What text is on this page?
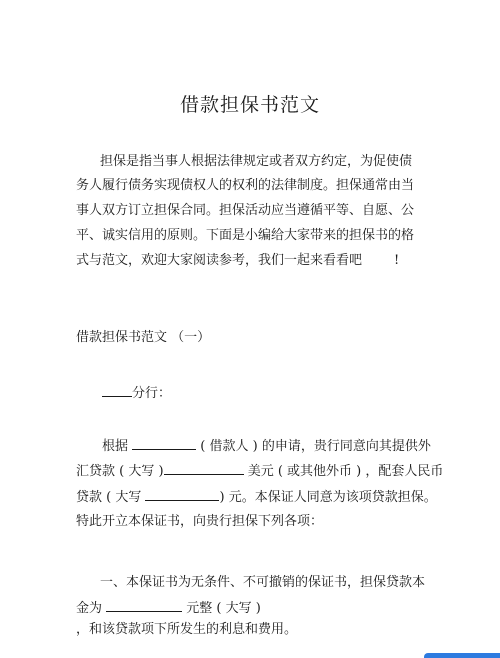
借款担保书范文
担保是指当事人根据法律规定或者双方约定，为促使债
务人履行债务实现债权人的权利的法律制度。担保通常由当
事人双方订立担保合同。担保活动应当遵循平等、自愿、公
平、诚实信用的原则。下面是小编给大家带来的担保书的格
式与范文，欢迎大家阅读参考，我们一起来看看吧 !
借款担保书范文 （一）
分行：
根据	( 借款人 ) 的申请，贵行同意向其提供外
汇贷款 ( 大写 )	美元 ( 或其他外币 ) ，配套人民币
贷款 ( 大写	) 元。本保证人同意为该项贷款担保。
特此开立本保证书，向贵行担保下列各项：
一、本保证书为无条件、不可撤销的保证书，担保贷款本
金为	元整 ( 大写 )
，和该贷款项下所发生的利息和费用。
